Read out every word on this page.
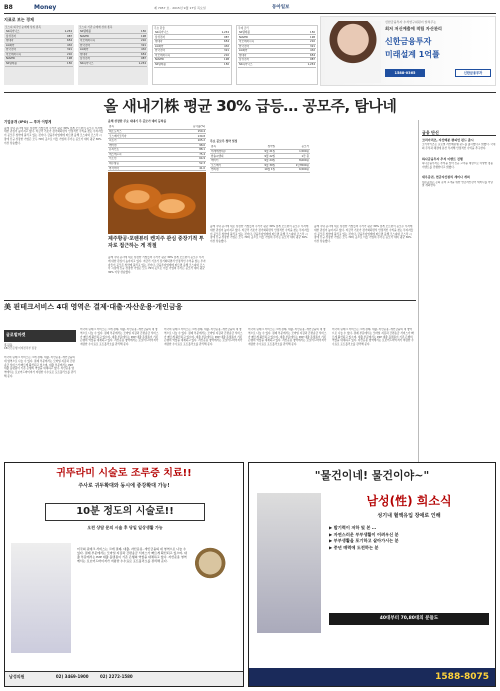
B8	Money	제 7057 호 · 2015년 9월 17일 목요일	동아일보
지표로 보는 경제
코스피 외국인 순매매 상위 종목
SK하이닉스	1,234
삼성전자	987
현대차	654
LG화학	432
한국전력	321
아모레퍼시픽	210
NAVER	198
SK텔레콤	150
코스피 기관 순매매 상위 종목
SK텔레콤	150
NAVER	198
아모레퍼시픽	210
한국전력	321
LG화학	432
현대차	654
삼성전자	987
SK하이닉스	1,234
주요 환율
SK하이닉스	1,234
삼성전자	987
현대차	654
LG화학	432
한국전력	321
아모레퍼시픽	210
NAVER	198
SK텔레콤	150
국제 금리
SK텔레콤	150
NAVER	198
아모레퍼시픽	210
한국전력	321
LG화학	432
현대차	654
삼성전자	987
SK하이닉스	1,234
신한금융투자 수석연구위원이 알려주는
최저 저신예출에 적립 자산관리
신한금융투자
미래설계 1억플
1588-0365	신한금융투자
올 새내기株 평균 30% 급등… 공모주, 탐나네
기업공개 (IPO) — 투자 이렇게
올해 국내 증시에 새로 상장한 기업들의 주가가 평균 30% 넘게 오르면서 공모주 투자에 대한 관심이 높아지고 있다. 저금리 기조가 장기화되면서 안정적인 수익을 찾는 투자자들이 공모주 청약에 몰리고 있는 것이다. 금융투자업계에 따르면 올해 코스피와 코스닥 시장에 신규 상장한 기업은 모두 70여 곳으로 이들 기업의 주가는 공모가 대비 평균 30% 이상 상승했다.
올해 상장한 주요 새내기 주 공모가 대비 등락률
종목	등락률(%)
제노포커스	150.4
코스메카코리아	130.8
씨트리	105.2
케어젠	98.6
유지인트	88.1
에스에프씨	75.4
이노션	64.9
제주항공	52.3
까사미아	41.0
제주항공·포렌뷰티 켄지주 관심 중장기적 투자로 접근하는 게 적절
올해 국내 증시에 새로 상장한 기업들의 주가가 평균 30% 넘게 오르면서 공모주 투자에 대한 관심이 높아지고 있다. 저금리 기조가 장기화되면서 안정적인 수익을 찾는 투자자들이 공모주 청약에 몰리고 있는 것이다. 금융투자업계에 따르면 올해 코스피와 코스닥 시장에 신규 상장한 기업은 모두 70여 곳으로 이들 기업의 주가는 공모가 대비 평균 30% 이상 상승했다.
올해 국내 증시에 새로 상장한 기업들의 주가가 평균 30% 넘게 오르면서 공모주 투자에 대한 관심이 높아지고 있다. 저금리 기조가 장기화되면서 안정적인 수익을 찾는 투자자들이 공모주 청약에 몰리고 있는 것이다. 금융투자업계에 따르면 올해 코스피와 코스닥 시장에 신규 상장한 기업은 모두 70여 곳으로 이들 기업의 주가는 공모가 대비 평균 30% 이상 상승했다.
주요 공모주 청약 일정
종목	청약일	공모가
미래에셋대우	9월 21일	1,500원
한솔씨앤피	9월 22일	1만 원
에이티	9월 24일	8,000원
코스메카	9월 30일	1만3500원
엔지켐	10월 1일	6,500원
올해 국내 증시에 새로 상장한 기업들의 주가가 평균 30% 넘게 오르면서 공모주 투자에 대한 관심이 높아지고 있다. 저금리 기조가 장기화되면서 안정적인 수익을 찾는 투자자들이 공모주 청약에 몰리고 있는 것이다. 금융투자업계에 따르면 올해 코스피와 코스닥 시장에 신규 상장한 기업은 모두 70여 곳으로 이들 기업의 주가는 공모가 대비 평균 30% 이상 상승했다.
금융 단신
코리아리츠, 자산배분 챔피언 펀드 출시
코리아리츠는 글로벌 자산배분형 펀드를 출시했다고 밝혔다. 국내외 주식과 채권에 분산 투자해 안정적인 수익을 추구한다.
하나금융투자 추석 이벤트 진행
하나금융투자는 추석을 맞아 신규 고객을 대상으로 다양한 경품 이벤트를 진행한다고 밝혔다.
대우증권, 연금자산관리 세미나 개최
대우증권은 은퇴 준비 고객을 위한 연금자산관리 세미나를 이달 말 개최한다.
美 핀테크서비스 4대 영역은 결제·대출·자산운용·개인금융
글로벌마켓
홍길동
KB국민은행 미래전략부 팀장
미국의 핀테크 서비스는 크게 결제, 대출, 자산운용, 개인금융의 네 영역으로 나눌 수 있다. 결제 부문에서는 모바일 지갑과 간편송금 서비스가 빠르게 확산되고 있으며, 대출 부문에서는 P2P 대출 플랫폼이 기존 은행의 역할을 대체하고 있다. 자산운용 영역에서는 로보어드바이저가 저렴한 수수료로 포트폴리오를 관리해 준다.
미국의 핀테크 서비스는 크게 결제, 대출, 자산운용, 개인금융의 네 영역으로 나눌 수 있다. 결제 부문에서는 모바일 지갑과 간편송금 서비스가 빠르게 확산되고 있으며, 대출 부문에서는 P2P 대출 플랫폼이 기존 은행의 역할을 대체하고 있다. 자산운용 영역에서는 로보어드바이저가 저렴한 수수료로 포트폴리오를 관리해 준다.
미국의 핀테크 서비스는 크게 결제, 대출, 자산운용, 개인금융의 네 영역으로 나눌 수 있다. 결제 부문에서는 모바일 지갑과 간편송금 서비스가 빠르게 확산되고 있으며, 대출 부문에서는 P2P 대출 플랫폼이 기존 은행의 역할을 대체하고 있다. 자산운용 영역에서는 로보어드바이저가 저렴한 수수료로 포트폴리오를 관리해 준다.
미국의 핀테크 서비스는 크게 결제, 대출, 자산운용, 개인금융의 네 영역으로 나눌 수 있다. 결제 부문에서는 모바일 지갑과 간편송금 서비스가 빠르게 확산되고 있으며, 대출 부문에서는 P2P 대출 플랫폼이 기존 은행의 역할을 대체하고 있다. 자산운용 영역에서는 로보어드바이저가 저렴한 수수료로 포트폴리오를 관리해 준다.
미국의 핀테크 서비스는 크게 결제, 대출, 자산운용, 개인금융의 네 영역으로 나눌 수 있다. 결제 부문에서는 모바일 지갑과 간편송금 서비스가 빠르게 확산되고 있으며, 대출 부문에서는 P2P 대출 플랫폼이 기존 은행의 역할을 대체하고 있다. 자산운용 영역에서는 로보어드바이저가 저렴한 수수료로 포트폴리오를 관리해 준다.
귀뚜라미 시술로 조루증 치료!!
주사로 귀두확대와 동시에 증강확대 가능!
10분 정도의 시술로!!
오전 상담 문의 시술 후 당일 일상생활 가능
미국의 핀테크 서비스는 크게 결제, 대출, 자산운용, 개인금융의 네 영역으로 나눌 수 있다. 결제 부문에서는 모바일 지갑과 간편송금 서비스가 빠르게 확산되고 있으며, 대출 부문에서는 P2P 대출 플랫폼이 기존 은행의 역할을 대체하고 있다. 자산운용 영역에서는 로보어드바이저가 저렴한 수수료로 포트폴리오를 관리해 준다.
남성의원	02) 3469-1900	02) 2272-1580
"물건이네! 물건이야~"
남성(性) 희소식
성기내 혈액유입 장애로 인해
▶ 발기력이 저하 및 본 …
▶ 자연스러운 부부생활이 어려우신 분
▶ 부부생활을 포기하고 살아가시는 분
▶ 중년 매력에 도전하는 분
40대부터 70,80대의 분들도
1588-8075
